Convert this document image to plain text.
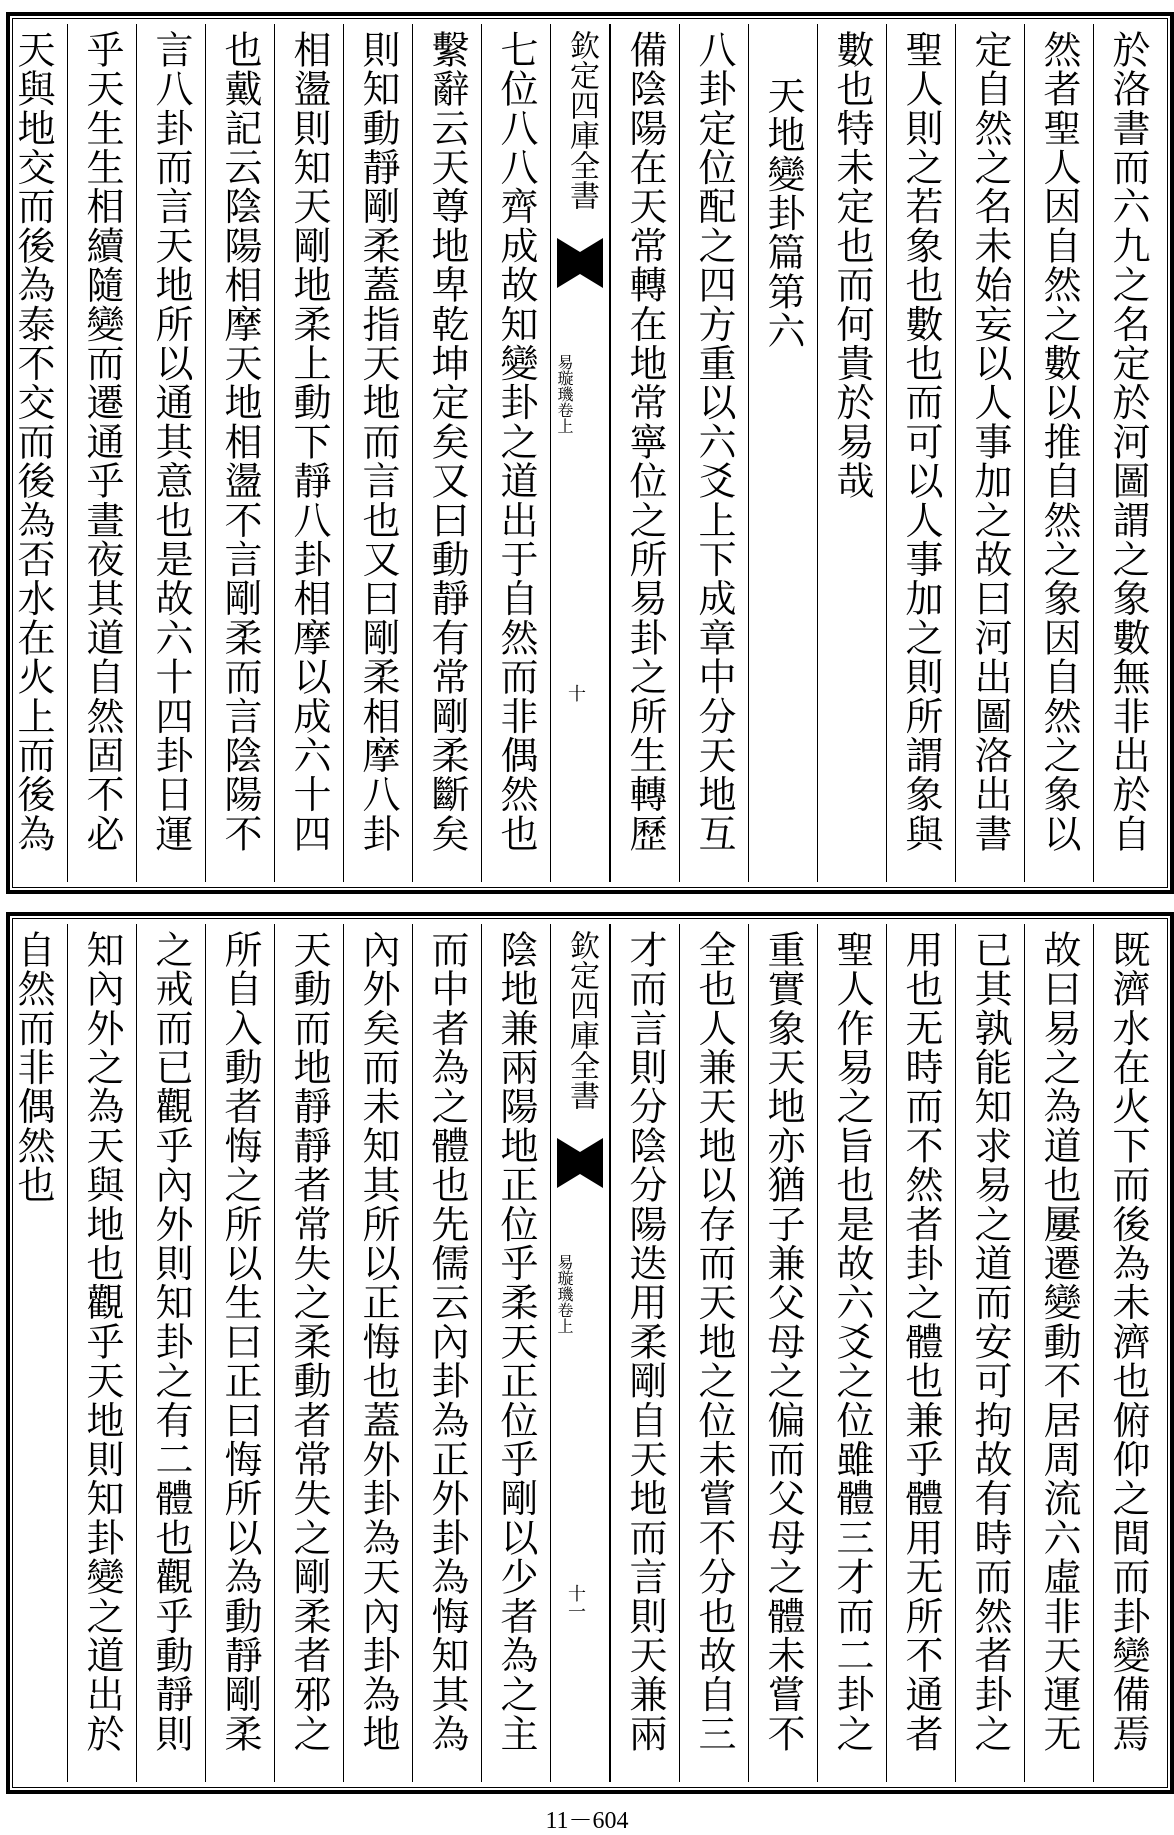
於洛書而六九之名定於河圖謂之象數無非出於自
然者聖人因自然之數以推自然之象因自然之象以
定自然之名未始妄以人事加之故曰河出圖洛出書
聖人則之若象也數也而可以人事加之則所謂象與
數也特未定也而何貴於易哉
天地變卦篇第六
八卦定位配之四方重以六爻上下成章中分天地互
備陰陽在天常轉在地常寧位之所易卦之所生轉歷
欽定四庫全書
易璇璣卷上
十
七位八八齊成故知變卦之道出于自然而非偶然也
繫辭云天尊地卑乾坤定矣又曰動靜有常剛柔斷矣
則知動靜剛柔蓋指天地而言也又曰剛柔相摩八卦
相盪則知天剛地柔上動下靜八卦相摩以成六十四
也戴記云陰陽相摩天地相盪不言剛柔而言陰陽不
言八卦而言天地所以通其意也是故六十四卦日運
乎天生生相續隨變而遷通乎晝夜其道自然固不必
天與地交而後為泰不交而後為否水在火上而後為
既濟水在火下而後為未濟也俯仰之間而卦變備焉
故曰易之為道也屢遷變動不居周流六虛非天運无
已其孰能知求易之道而安可拘故有時而然者卦之
用也无時而不然者卦之體也兼乎體用无所不通者
聖人作易之旨也是故六爻之位雖體三才而二卦之
重實象天地亦猶子兼父母之偏而父母之體未嘗不
全也人兼天地以存而天地之位未嘗不分也故自三
才而言則分陰分陽迭用柔剛自天地而言則天兼兩
欽定四庫全書
易璇璣卷上
十一
陰地兼兩陽地正位乎柔天正位乎剛以少者為之主
而中者為之體也先儒云內卦為正外卦為悔知其為
內外矣而未知其所以正悔也蓋外卦為天內卦為地
天動而地靜靜者常失之柔動者常失之剛柔者邪之
所自入動者悔之所以生曰正曰悔所以為動靜剛柔
之戒而已觀乎內外則知卦之有二體也觀乎動靜則
知內外之為天與地也觀乎天地則知卦變之道出於
自然而非偶然也
11－604
